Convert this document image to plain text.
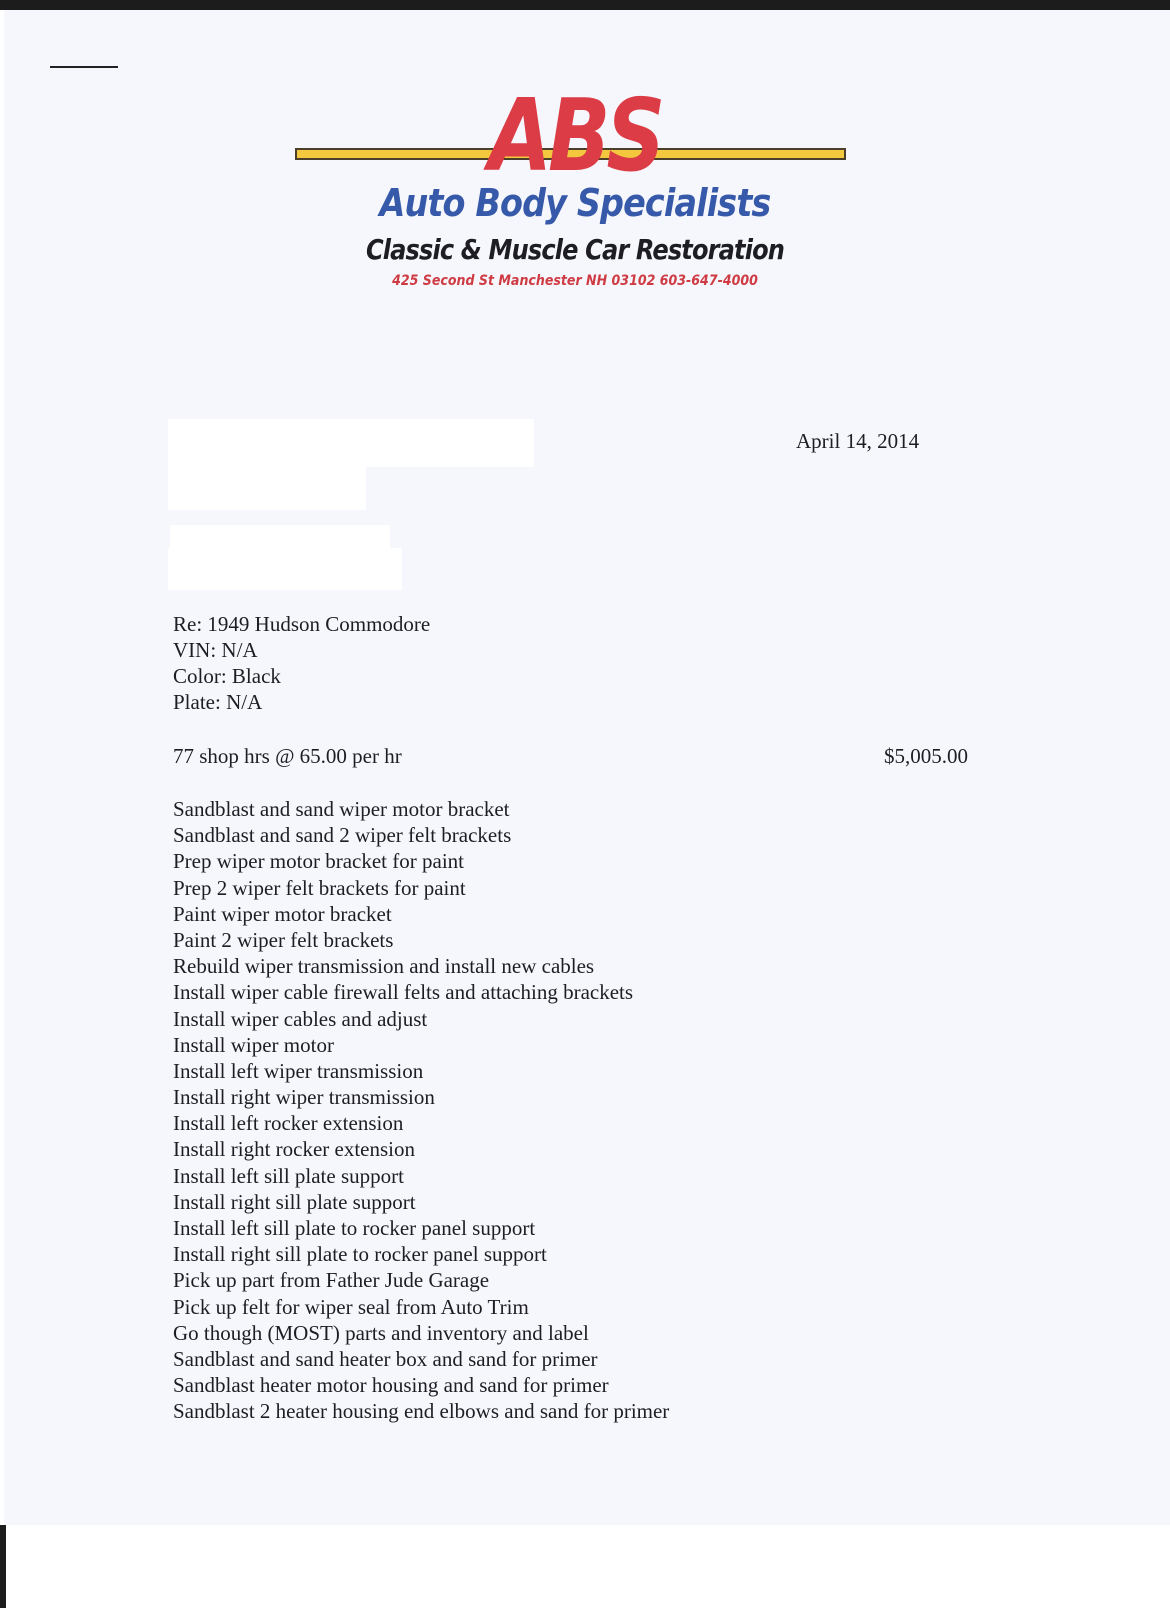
ABS
Auto Body Specialists
Classic & Muscle Car Restoration
425 Second St Manchester NH 03102 603-647-4000
April 14, 2014
Re: 1949 Hudson Commodore
VIN: N/A
Color: Black
Plate: N/A
77 shop hrs @ 65.00 per hr	$5,005.00
Sandblast and sand wiper motor bracket
Sandblast and sand 2 wiper felt brackets
Prep wiper motor bracket for paint
Prep 2 wiper felt brackets for paint
Paint wiper motor bracket
Paint 2 wiper felt brackets
Rebuild wiper transmission and install new cables
Install wiper cable firewall felts and attaching brackets
Install wiper cables and adjust
Install wiper motor
Install left wiper transmission
Install right wiper transmission
Install left rocker extension
Install right rocker extension
Install left sill plate support
Install right sill plate support
Install left sill plate to rocker panel support
Install right sill plate to rocker panel support
Pick up part from Father Jude Garage
Pick up felt for wiper seal from Auto Trim
Go though (MOST) parts and inventory and label
Sandblast and sand heater box and sand for primer
Sandblast heater motor housing and sand for primer
Sandblast 2 heater housing end elbows and sand for primer
